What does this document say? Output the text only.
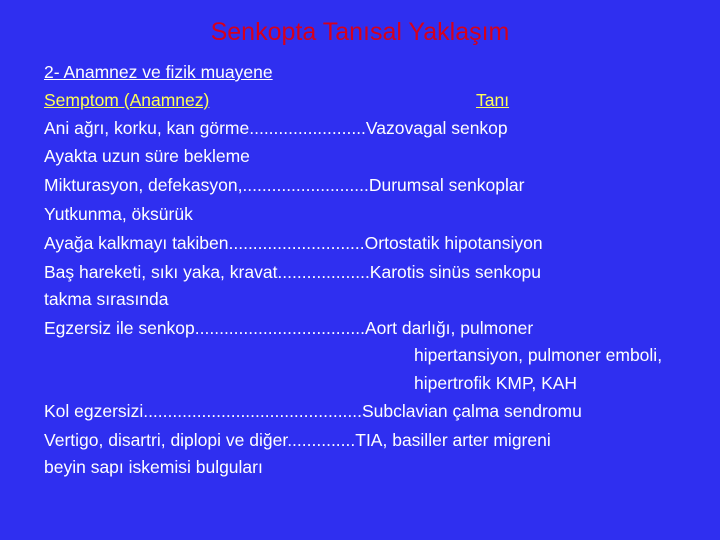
Senkopta Tanısal Yaklaşım
2- Anamnez ve fizik muayene
Semptom (Anamnez)	Tanı
Ani ağrı, korku, kan görme........................Vazovagal senkop
Ayakta uzun süre bekleme
Mikturasyon, defekasyon,..........................Durumsal senkoplar
Yutkunma, öksürük
Ayağa kalkmayı takiben............................Ortostatik hipotansiyon
Baş hareketi, sıkı yaka, kravat...................Karotis sinüs senkopu
takma sırasında
Egzersiz ile senkop...................................Aort darlığı, pulmoner
hipertansiyon, pulmoner emboli,
hipertrofik KMP, KAH
Kol egzersizi.............................................Subclavian çalma sendromu
Vertigo, disartri, diplopi ve diğer..............TIA, basiller arter migreni
beyin sapı iskemisi bulguları
